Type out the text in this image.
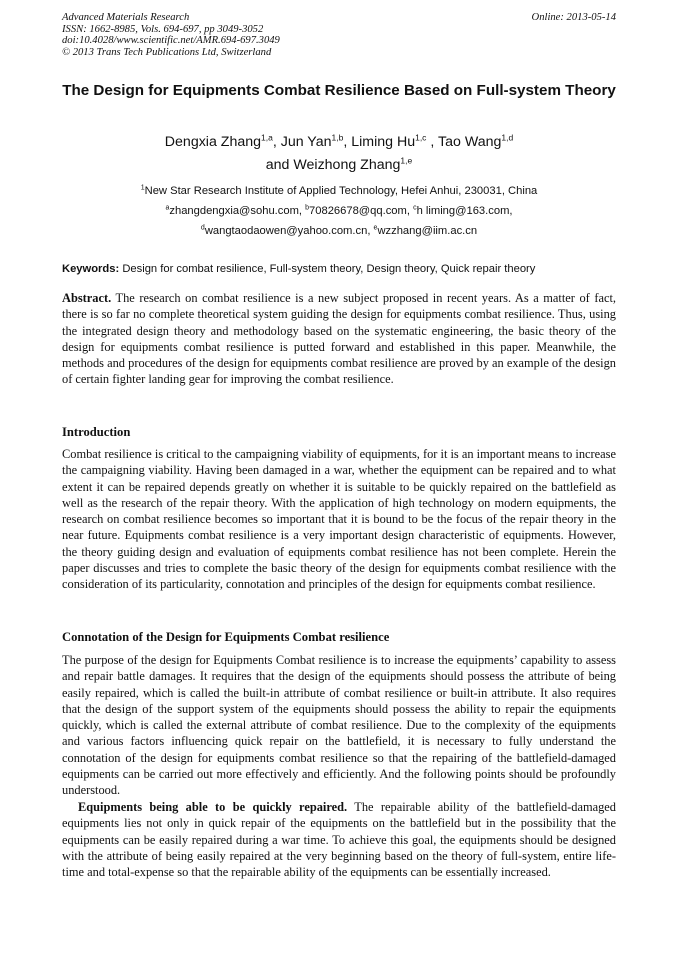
Advanced Materials Research
ISSN: 1662-8985, Vols. 694-697, pp 3049-3052
doi:10.4028/www.scientific.net/AMR.694-697.3049
© 2013 Trans Tech Publications Ltd, Switzerland
Online: 2013-05-14
The Design for Equipments Combat Resilience Based on Full-system Theory
Dengxia Zhang$^{1,a}$, Jun Yan$^{1,b}$, Liming Hu$^{1,c}$ , Tao Wang$^{1,d}$
and Weizhong Zhang$^{1,e}$
$^1$New Star Research Institute of Applied Technology, Hefei Anhui, 230031, China
$^a$zhangdengxia@sohu.com, $^b$70826678@qq.com, $^c$h liming@163.com,
$^d$wangtaodaowen@yahoo.com.cn, $^e$wzzhang@iim.ac.cn
Keywords: Design for combat resilience, Full-system theory, Design theory, Quick repair theory
Abstract. The research on combat resilience is a new subject proposed in recent years. As a matter of fact, there is so far no complete theoretical system guiding the design for equipments combat resilience. Thus, using the integrated design theory and methodology based on the systematic engineering, the basic theory of the design for equipments combat resilience is putted forward and established in this paper. Meanwhile, the methods and procedures of the design for equipments combat resilience are proved by an example of the design of certain fighter landing gear for improving the combat resilience.
Introduction
Combat resilience is critical to the campaigning viability of equipments, for it is an important means to increase the campaigning viability. Having been damaged in a war, whether the equipment can be repaired and to what extent it can be repaired depends greatly on whether it is suitable to be quickly repaired on the battlefield as well as the research of the repair theory. With the application of high technology on modern equipments, the research on combat resilience becomes so important that it is bound to be the focus of the repair theory in the near future. Equipments combat resilience is a very important design characteristic of equipments. However, the theory guiding design and evaluation of equipments combat resilience has not been complete. Herein the paper discusses and tries to complete the basic theory of the design for equipments combat resilience with the consideration of its particularity, connotation and principles of the design for equipments combat resilience.
Connotation of the Design for Equipments Combat resilience
The purpose of the design for Equipments Combat resilience is to increase the equipments’ capability to assess and repair battle damages. It requires that the design of the equipments should possess the attribute of being easily repaired, which is called the built-in attribute of combat resilience or built-in attribute. It also requires that the design of the support system of the equipments should possess the ability to repair the equipments quickly, which is called the external attribute of combat resilience. Due to the complexity of the equipments and various factors influencing quick repair on the battlefield, it is necessary to fully understand the connotation of the design for equipments combat resilience so that the repairing of the battlefield-damaged equipments can be carried out more effectively and efficiently. And the following points should be profoundly understood.
Equipments being able to be quickly repaired. The repairable ability of the battlefield-damaged equipments lies not only in quick repair of the equipments on the battlefield but in the possibility that the equipments can be easily repaired during a war time. To achieve this goal, the equipments should be designed with the attribute of being easily repaired at the very beginning based on the theory of full-system, entire life-time and total-expense so that the repairable ability of the equipments can be essentially increased.
